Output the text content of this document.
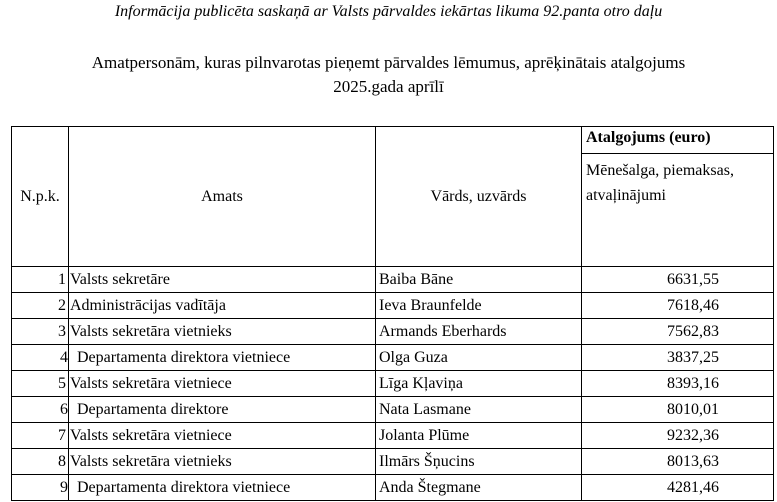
Informācija publicēta saskaņā ar Valsts pārvaldes iekārtas likuma 92.panta otro daļu
Amatpersonām, kuras pilnvarotas pieņemt pārvaldes lēmumus, aprēķinātais atalgojums
2025.gada aprīlī
N.p.k.	Amats	Vārds, uzvārds	Atalgojums (euro)
			Mēnešalga, piemaksas, atvaļinājumi
1	Valsts sekretāre	Baiba Bāne	6631,55
2	Administrācijas vadītāja	Ieva Braunfelde	7618,46
3	Valsts sekretāra vietnieks	Armands Eberhards	7562,83
4	Departamenta direktora vietniece	Olga Guza	3837,25
5	Valsts sekretāra vietniece	Līga Kļaviņa	8393,16
6	Departamenta direktore	Nata Lasmane	8010,01
7	Valsts sekretāra vietniece	Jolanta Plūme	9232,36
8	Valsts sekretāra vietnieks	Ilmārs Šņucins	8013,63
9	Departamenta direktora vietniece	Anda Štegmane	4281,46
